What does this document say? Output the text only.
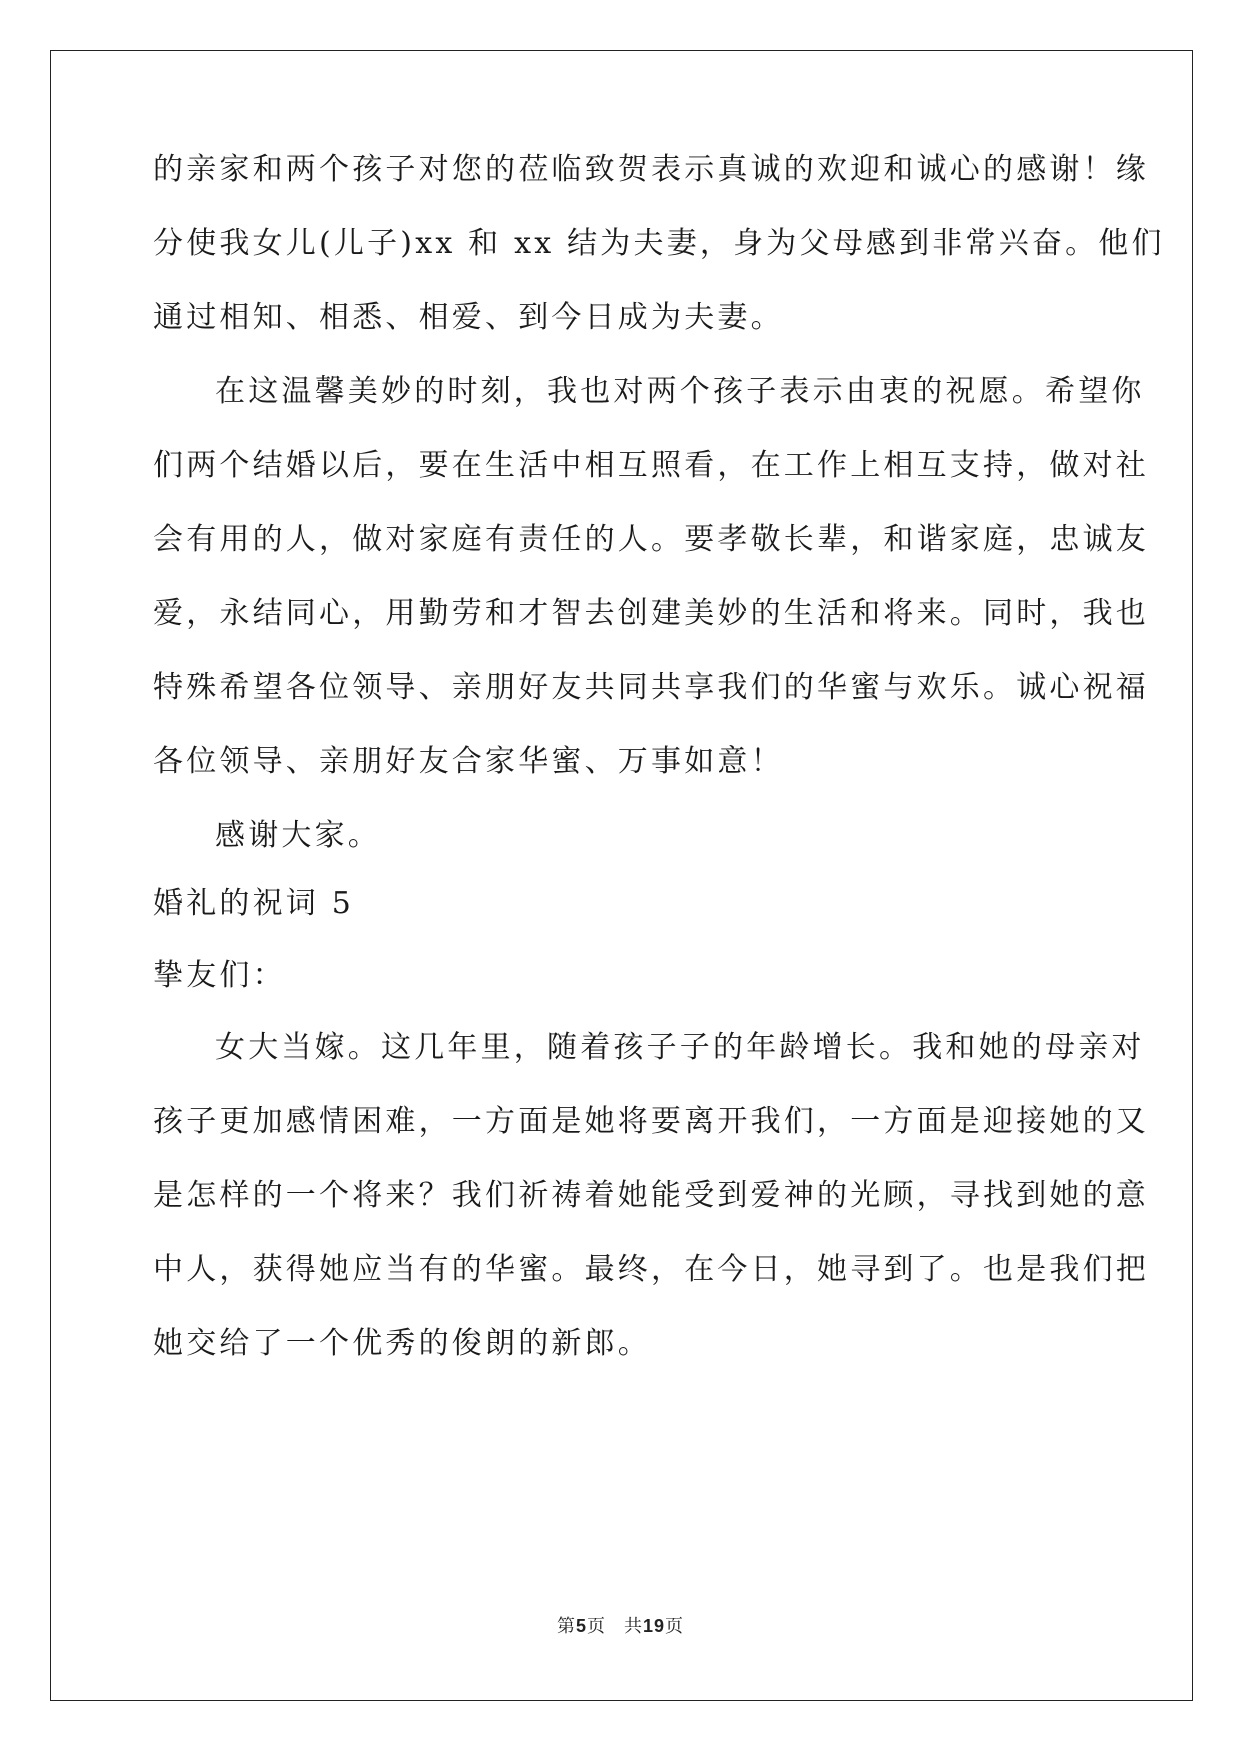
的亲家和两个孩子对您的莅临致贺表示真诚的欢迎和诚心的感谢！缘
分使我女儿(儿子)xx 和 xx 结为夫妻，身为父母感到非常兴奋。他们
通过相知、相悉、相爱、到今日成为夫妻。
在这温馨美妙的时刻，我也对两个孩子表示由衷的祝愿。希望你
们两个结婚以后，要在生活中相互照看，在工作上相互支持，做对社
会有用的人，做对家庭有责任的人。要孝敬长辈，和谐家庭，忠诚友
爱，永结同心，用勤劳和才智去创建美妙的生活和将来。同时，我也
特殊希望各位领导、亲朋好友共同共享我们的华蜜与欢乐。诚心祝福
各位领导、亲朋好友合家华蜜、万事如意！
感谢大家。
婚礼的祝词 5
挚友们：
女大当嫁。这几年里，随着孩子子的年龄增长。我和她的母亲对
孩子更加感情困难，一方面是她将要离开我们，一方面是迎接她的又
是怎样的一个将来？我们祈祷着她能受到爱神的光顾，寻找到她的意
中人，获得她应当有的华蜜。最终，在今日，她寻到了。也是我们把
她交给了一个优秀的俊朗的新郎。
第5页 共19页
